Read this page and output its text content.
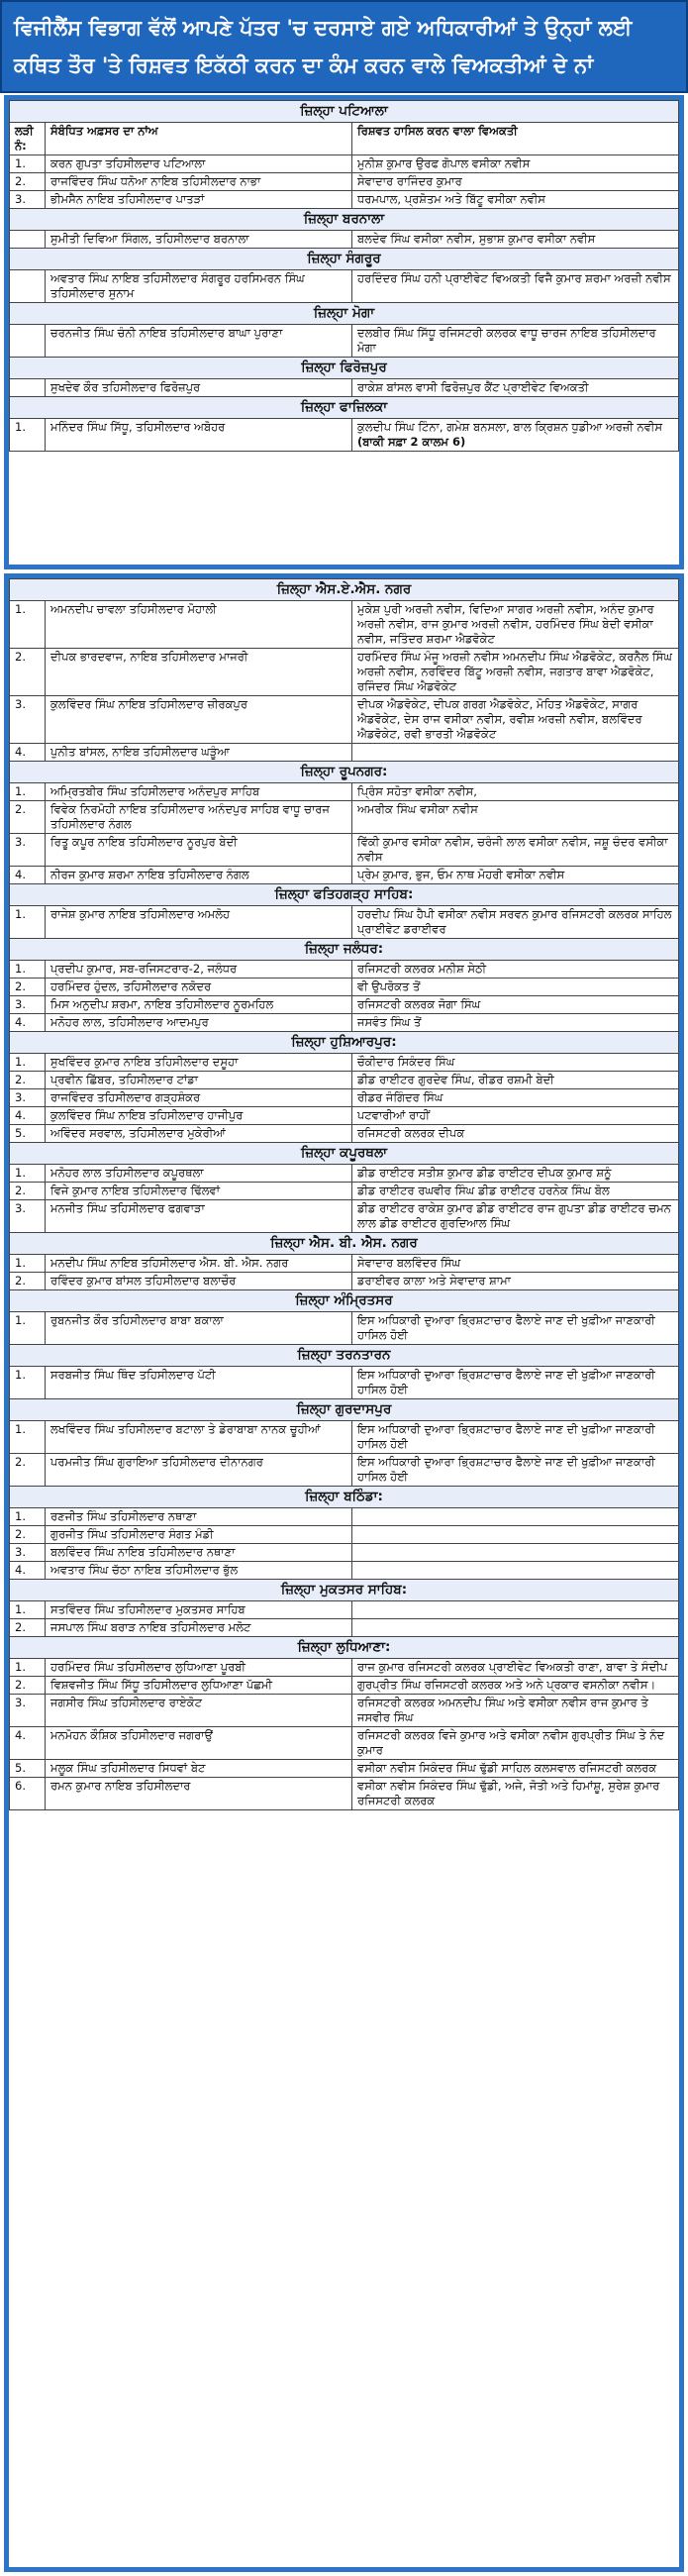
ਵਿਜੀਲੈਂਸ ਵਿਭਾਗ ਵੱਲੋਂ ਆਪਣੇ ਪੱਤਰ 'ਚ ਦਰਸਾਏ ਗਏ ਅਧਿਕਾਰੀਆਂ ਤੇ ਉਨ੍ਹਾਂ ਲਈ
ਕਥਿਤ ਤੌਰ 'ਤੇ ਰਿਸ਼ਵਤ ਇਕੱਠੀ ਕਰਨ ਦਾ ਕੰਮ ਕਰਨ ਵਾਲੇ ਵਿਅਕਤੀਆਂ ਦੇ ਨਾਂ
ਜ਼ਿਲ੍ਹਾ ਪਟਿਆਲਾ		
ਲੜੀ ਨੰ:	ਸੰਬੰਧਿਤ ਅਫ਼ਸਰ ਦਾ ਨਾਂਅ	ਰਿਸ਼ਵਤ ਹਾਸਿਲ ਕਰਨ ਵਾਲਾ ਵਿਅਕਤੀ
1.	ਕਰਨ ਗੁਪਤਾ ਤਹਿਸੀਲਦਾਰ ਪਟਿਆਲਾ	ਮੁਨੀਸ਼ ਕੁਮਾਰ ਉਰਫ ਗੋਪਾਲ ਵਸੀਕਾ ਨਵੀਸ
2.	ਰਾਜਵਿੰਦਰ ਸਿੰਘ ਧਨੋਆ ਨਾਇਬ ਤਹਿਸੀਲਦਾਰ ਨਾਭਾ	ਸੇਵਾਦਾਰ ਰਾਜਿੰਦਰ ਕੁਮਾਰ
3.	ਭੀਮਸੈਨ ਨਾਇਬ ਤਹਿਸੀਲਦਾਰ ਪਾਤੜਾਂ	ਧਰਮਪਾਲ, ਪ੍ਰਸ਼ੋਤਮ ਅਤੇ ਬਿੱਟੂ ਵਸੀਕਾ ਨਵੀਸ
ਜ਼ਿਲ੍ਹਾ ਬਰਨਾਲਾ		
	ਸੁਮੀਤੀ ਦਿਵਿਆ ਸਿੰਗਲ, ਤਹਿਸੀਲਦਾਰ ਬਰਨਾਲਾ	ਬਲਦੇਵ ਸਿੰਘ ਵਸੀਕਾ ਨਵੀਸ, ਸੁਭਾਸ਼ ਕੁਮਾਰ ਵਸੀਕਾ ਨਵੀਸ
ਜ਼ਿਲ੍ਹਾ ਸੰਗਰੂਰ		
	ਅਵਤਾਰ ਸਿੰਘ ਨਾਇਬ ਤਹਿਸੀਲਦਾਰ ਸੰਗਰੂਰ ਹਰਸਿਮਰਨ ਸਿੰਘ ਤਹਿਸੀਲਦਾਰ ਸੁਨਾਮ	ਹਰਦਿੰਦਰ ਸਿੰਘ ਹਨੀ ਪ੍ਰਾਈਵੇਟ ਵਿਅਕਤੀ ਵਿਜੈ ਕੁਮਾਰ ਸ਼ਰਮਾ ਅਰਜ਼ੀ ਨਵੀਸ
ਜ਼ਿਲ੍ਹਾ ਮੋਗਾ		
	ਚਰਨਜੀਤ ਸਿੰਘ ਚੰਨੀ ਨਾਇਬ ਤਹਿਸੀਲਦਾਰ ਬਾਘਾ ਪੁਰਾਣਾ	ਦਲਬੀਰ ਸਿੰਘ ਸਿੱਧੂ ਰਜਿਸਟਰੀ ਕਲਰਕ ਵਾਧੂ ਚਾਰਜ ਨਾਇਬ ਤਹਿਸੀਲਦਾਰ ਮੋਗਾ
ਜ਼ਿਲ੍ਹਾ ਫਿਰੋਜ਼ਪੁਰ		
	ਸੁਖਦੇਵ ਕੌਰ ਤਹਿਸੀਲਦਾਰ ਫਿਰੋਜ਼ਪੁਰ	ਰਾਕੇਸ਼ ਬਾਂਸਲ ਵਾਸੀ ਫਿਰੋਜ਼ਪੁਰ ਕੈਂਟ ਪ੍ਰਾਈਵੇਟ ਵਿਅਕਤੀ
ਜ਼ਿਲ੍ਹਾ ਫਾਜ਼ਿਲਕਾ		
1.	ਮਨਿੰਦਰ ਸਿੰਘ ਸਿੱਧੂ, ਤਹਿਸੀਲਦਾਰ ਅਬੋਹਰ	ਕੁਲਦੀਪ ਸਿੰਘ ਟਿੰਨਾ, ਗਮੇਸ਼ ਬਨਸਲਾ, ਬਾਲ ਕ੍ਰਿਸ਼ਨ ਧੁਡੀਆ ਅਰਜ਼ੀ ਨਵੀਸ
(ਬਾਕੀ ਸਫ਼ਾ 2 ਕਾਲਮ 6)
ਜ਼ਿਲ੍ਹਾ ਐਸ.ਏ.ਐਸ. ਨਗਰ		
1.	ਅਮਨਦੀਪ ਚਾਵਲਾ ਤਹਿਸੀਲਦਾਰ ਮੋਹਾਲੀ	ਮੁਕੇਸ਼ ਪੁਰੀ ਅਰਜ਼ੀ ਨਵੀਸ, ਵਿਦਿਆ ਸਾਗਰ ਅਰਜ਼ੀ ਨਵੀਸ, ਅਨੰਦ ਕੁਮਾਰ ਅਰਜ਼ੀ ਨਵੀਸ, ਰਾਜ ਕੁਮਾਰ ਅਰਜ਼ੀ ਨਵੀਸ, ਹਰਮਿੰਦਰ ਸਿੰਘ ਬੇਦੀ ਵਸੀਕਾ ਨਵੀਸ, ਜਤਿੰਦਰ ਸ਼ਰਮਾ ਐਡਵੋਕੇਟ
2.	ਦੀਪਕ ਭਾਰਦਵਾਜ, ਨਾਇਬ ਤਹਿਸੀਲਦਾਰ ਮਾਜਰੀ	ਹਰਮਿੰਦਰ ਸਿੰਘ ਮੰਜੂ ਅਰਜ਼ੀ ਨਵੀਸ ਅਮਨਦੀਪ ਸਿੰਘ ਐਡਵੋਕੇਟ, ਕਰਨੈਲ ਸਿੰਘ ਅਰਜ਼ੀ ਨਵੀਸ, ਨਰਵਿੰਦਰ ਬਿੱਟੂ ਅਰਜ਼ੀ ਨਵੀਸ, ਜਗਤਾਰ ਬਾਵਾ ਐਡਵੋਕੇਟ, ਰਜਿੰਦਰ ਸਿੰਘ ਐਡਵੋਕੇਟ
3.	ਕੁਲਵਿੰਦਰ ਸਿੰਘ ਨਾਇਬ ਤਹਿਸੀਲਦਾਰ ਜ਼ੀਰਕਪੁਰ	ਦੀਪਕ ਐਡਵੋਕੇਟ, ਦੀਪਕ ਗਰਗ ਐਡਵੋਕੇਟ, ਮੋਹਿਤ ਐਡਵੋਕੇਟ, ਸਾਗਰ ਐਡਵੋਕੇਟ, ਦੇਸ ਰਾਜ ਵਸੀਕਾ ਨਵੀਸ, ਰਵੀਸ਼ ਅਰਜ਼ੀ ਨਵੀਸ, ਬਲਵਿੰਦਰ ਐਡਵੋਕੇਟ, ਰਵੀ ਭਾਰਤੀ ਐਡਵੋਕੇਟ
4.	ਪੁਨੀਤ ਬਾਂਸਲ, ਨਾਇਬ ਤਹਿਸੀਲਦਾਰ ਘੜੂੰਆ	
ਜ਼ਿਲ੍ਹਾ ਰੂਪਨਗਰ:		
1.	ਅਮ੍ਰਿਤਬੀਰ ਸਿੰਘ ਤਹਿਸੀਲਦਾਰ ਅਨੰਦਪੁਰ ਸਾਹਿਬ	ਪ੍ਰਿੰਸ ਸਹੋਤਾ ਵਸੀਕਾ ਨਵੀਸ,
2.	ਵਿਵੇਕ ਨਿਰਮੋਹੀ ਨਾਇਬ ਤਹਿਸੀਲਦਾਰ ਅਨੰਦਪੁਰ ਸਾਹਿਬ ਵਾਧੂ ਚਾਰਜ ਤਹਿਸੀਲਦਾਰ ਨੰਗਲ	ਅਮਰੀਕ ਸਿੰਘ ਵਸੀਕਾ ਨਵੀਸ
3.	ਰਿਤੂ ਕਪੂਰ ਨਾਇਬ ਤਹਿਸੀਲਦਾਰ ਨੂਰਪੁਰ ਬੇਦੀ	ਵਿੱਕੀ ਕੁਮਾਰ ਵਸੀਕਾ ਨਵੀਸ, ਚਰੰਜੀ ਲਾਲ ਵਸੀਕਾ ਨਵੀਸ, ਜਸ਼ੂ ਚੰਦਰ ਵਸੀਕਾ ਨਵੀਸ
4.	ਨੀਰਜ ਕੁਮਾਰ ਸ਼ਰਮਾ ਨਾਇਬ ਤਹਿਸੀਲਦਾਰ ਨੰਗਲ	ਪ੍ਰੇਮ ਕੁਮਾਰ, ਭੁਜ, ਓਮ ਨਾਥ ਮੋਹਰੀ ਵਸੀਕਾ ਨਵੀਸ
ਜ਼ਿਲ੍ਹਾ ਫਤਿਹਗੜ੍ਹ ਸਾਹਿਬ:		
1.	ਰਾਜੇਸ਼ ਕੁਮਾਰ ਨਾਇਬ ਤਹਿਸੀਲਦਾਰ ਅਮਲੋਹ	ਹਰਦੀਪ ਸਿੰਘ ਹੈਪੀ ਵਸੀਕਾ ਨਵੀਸ ਸਰਵਨ ਕੁਮਾਰ ਰਜਿਸਟਰੀ ਕਲਰਕ ਸਾਹਿਲ ਪ੍ਰਾਈਵੇਟ ਡਰਾਈਵਰ
ਜ਼ਿਲ੍ਹਾ ਜਲੰਧਰ:		
1.	ਪ੍ਰਦੀਪ ਕੁਮਾਰ, ਸਬ-ਰਜਿਸਟਰਾਰ-2, ਜਲੰਧਰ	ਰਜਿਸਟਰੀ ਕਲਰਕ ਮਨੀਸ਼ ਸੇਠੀ
2.	ਹਰਮਿੰਦਰ ਹੁੰਦਲ, ਤਹਿਸੀਲਦਾਰ ਨਕੋਦਰ	ਵੀ ਉਪਰੋਕਤ ਤੋਂ
3.	ਮਿਸ ਅਨੁਦੀਪ ਸ਼ਰਮਾ, ਨਾਇਬ ਤਹਿਸੀਲਦਾਰ ਨੂਰਮਹਿਲ	ਰਜਿਸਟਰੀ ਕਲਰਕ ਜੋਗਾ ਸਿੰਘ
4.	ਮਨੋਹਰ ਲਾਲ, ਤਹਿਸੀਲਦਾਰ ਆਦਮਪੁਰ	ਜਸਵੰਤ ਸਿੰਘ ਤੋਂ
ਜ਼ਿਲ੍ਹਾ ਹੁਸ਼ਿਆਰਪੁਰ:		
1.	ਸੁਖਵਿੰਦਰ ਕੁਮਾਰ ਨਾਇਬ ਤਹਿਸੀਲਦਾਰ ਦਸੂਹਾ	ਚੌਕੀਦਾਰ ਸਿਕੰਦਰ ਸਿੰਘ
2.	ਪ੍ਰਵੀਨ ਛਿੱਬਰ, ਤਹਿਸੀਲਦਾਰ ਟਾਂਡਾ	ਡੀਡ ਰਾਈਟਰ ਗੁਰਦੇਵ ਸਿੰਘ, ਰੀਡਰ ਰਸ਼ਮੀ ਬੇਦੀ
3.	ਰਾਜਵਿੰਦਰ ਤਹਿਸੀਲਦਾਰ ਗੜ੍ਹਸ਼ੰਕਰ	ਰੀਡਰ ਜੰਗਿੰਦਰ ਸਿੰਘ
4.	ਕੁਲਵਿੰਦਰ ਸਿੰਘ ਨਾਇਬ ਤਹਿਸੀਲਦਾਰ ਹਾਜੀਪੁਰ	ਪਟਵਾਰੀਆਂ ਰਾਹੀਂ
5.	ਅਵਿੰਦਰ ਸਰਵਾਲ, ਤਹਿਸੀਲਦਾਰ ਮੁਕੇਰੀਆਂ	ਰਜਿਸਟਰੀ ਕਲਰਕ ਦੀਪਕ
ਜ਼ਿਲ੍ਹਾ ਕਪੂਰਥਲਾ		
1.	ਮਨੋਹਰ ਲਾਲ ਤਹਿਸੀਲਦਾਰ ਕਪੂਰਥਲਾ	ਡੀਡ ਰਾਈਟਰ ਸਤੀਸ਼ ਕੁਮਾਰ ਡੀਡ ਰਾਈਟਰ ਦੀਪਕ ਕੁਮਾਰ ਸ਼ਨੂੰ
2.	ਵਿਜੇ ਕੁਮਾਰ ਨਾਇਬ ਤਹਿਸੀਲਦਾਰ ਢਿੱਲਵਾਂ	ਡੀਡ ਰਾਈਟਰ ਰਘਵੀਰ ਸਿੰਘ ਡੀਡ ਰਾਈਟਰ ਹਰਨੇਕ ਸਿੰਘ ਬੋਲ
3.	ਮਨਜੀਤ ਸਿੰਘ ਤਹਿਸੀਲਦਾਰ ਫਗਵਾੜਾ	ਡੀਡ ਰਾਈਟਰ ਰਾਕੇਸ਼ ਕੁਮਾਰ ਡੀਡ ਰਾਈਟਰ ਰਾਜ ਗੁਪਤਾ ਡੀਡ ਰਾਈਟਰ ਚਮਨ ਲਾਲ ਡੀਡ ਰਾਈਟਰ ਗੁਰਦਿਆਲ ਸਿੰਘ
ਜ਼ਿਲ੍ਹਾ ਐਸ. ਬੀ. ਐਸ. ਨਗਰ		
1.	ਮਨਦੀਪ ਸਿੰਘ ਨਾਇਬ ਤਹਿਸੀਲਦਾਰ ਐਸ. ਬੀ. ਐਸ. ਨਗਰ	ਸੇਵਾਦਾਰ ਬਲਵਿੰਦਰ ਸਿੰਘ
2.	ਰਵਿੰਦਰ ਕੁਮਾਰ ਬਾਂਸਲ ਤਹਿਸੀਲਦਾਰ ਬਲਾਚੌਰ	ਡਰਾਈਵਰ ਕਾਲਾ ਅਤੇ ਸੇਵਾਦਾਰ ਸ਼ਾਮਾ
ਜ਼ਿਲ੍ਹਾ ਅੰਮ੍ਰਿਤਸਰ		
1.	ਰੁਬਨਜੀਤ ਕੌਰ ਤਹਿਸੀਲਦਾਰ ਬਾਬਾ ਬਕਾਲਾ	ਇਸ ਅਧਿਕਾਰੀ ਦੁਆਰਾ ਭ੍ਰਿਸ਼ਟਾਚਾਰ ਫੈਲਾਏ ਜਾਣ ਦੀ ਖੁਫ਼ੀਆ ਜਾਣਕਾਰੀ ਹਾਸਿਲ ਹੋਈ
ਜ਼ਿਲ੍ਹਾ ਤਰਨਤਾਰਨ		
1.	ਸਰਬਜੀਤ ਸਿੰਘ ਥਿੰਦ ਤਹਿਸੀਲਦਾਰ ਪੱਟੀ	ਇਸ ਅਧਿਕਾਰੀ ਦੁਆਰਾ ਭ੍ਰਿਸ਼ਟਾਚਾਰ ਫੈਲਾਏ ਜਾਣ ਦੀ ਖੁਫ਼ੀਆ ਜਾਣਕਾਰੀ ਹਾਸਿਲ ਹੋਈ
ਜ਼ਿਲ੍ਹਾ ਗੁਰਦਾਸਪੁਰ		
1.	ਲਖਵਿੰਦਰ ਸਿੰਘ ਤਹਿਸੀਲਦਾਰ ਬਟਾਲਾ ਤੇ ਡੇਰਾਬਾਬਾ ਨਾਨਕ ਚੂਹੀਆਂ	ਇਸ ਅਧਿਕਾਰੀ ਦੁਆਰਾ ਭ੍ਰਿਸ਼ਟਾਚਾਰ ਫੈਲਾਏ ਜਾਣ ਦੀ ਖੁਫ਼ੀਆ ਜਾਣਕਾਰੀ ਹਾਸਿਲ ਹੋਈ
2.	ਪਰਮਜੀਤ ਸਿੰਘ ਗੁਰਾਇਆ ਤਹਿਸੀਲਦਾਰ ਦੀਨਾਨਗਰ	ਇਸ ਅਧਿਕਾਰੀ ਦੁਆਰਾ ਭ੍ਰਿਸ਼ਟਾਚਾਰ ਫੈਲਾਏ ਜਾਣ ਦੀ ਖੁਫ਼ੀਆ ਜਾਣਕਾਰੀ ਹਾਸਿਲ ਹੋਈ
ਜ਼ਿਲ੍ਹਾ ਬਠਿੰਡਾ:		
1.	ਰਣਜੀਤ ਸਿੰਘ ਤਹਿਸੀਲਦਾਰ ਨਥਾਣਾ	
2.	ਗੁਰਜੀਤ ਸਿੰਘ ਤਹਿਸੀਲਦਾਰ ਸੰਗਤ ਮੰਡੀ	
3.	ਬਲਵਿੰਦਰ ਸਿੰਘ ਨਾਇਬ ਤਹਿਸੀਲਦਾਰ ਨਥਾਣਾ	
4.	ਅਵਤਾਰ ਸਿੰਘ ਚੱਠਾ ਨਾਇਬ ਤਹਿਸੀਲਦਾਰ ਭੁੱਲ	
ਜ਼ਿਲ੍ਹਾ ਮੁਕਤਸਰ ਸਾਹਿਬ:		
1.	ਸਤਵਿੰਦਰ ਸਿੰਘ ਤਹਿਸੀਲਦਾਰ ਮੁਕਤਸਰ ਸਾਹਿਬ	
2.	ਜਸਪਾਲ ਸਿੰਘ ਬਰਾੜ ਨਾਇਬ ਤਹਿਸੀਲਦਾਰ ਮਲੋਟ	
ਜ਼ਿਲ੍ਹਾ ਲੁਧਿਆਣਾ:		
1.	ਹਰਮਿੰਦਰ ਸਿੰਘ ਤਹਿਸੀਲਦਾਰ ਲੁਧਿਆਣਾ ਪੂਰਬੀ	ਰਾਜ ਕੁਮਾਰ ਰਜਿਸਟਰੀ ਕਲਰਕ ਪ੍ਰਾਈਵੇਟ ਵਿਅਕਤੀ ਰਾਣਾ, ਬਾਵਾ ਤੇ ਸੰਦੀਪ
2.	ਵਿਸ਼ਵਜੀਤ ਸਿੰਘ ਸਿੱਧੂ ਤਹਿਸੀਲਦਾਰ ਲੁਧਿਆਣਾ ਪੱਛਮੀ	ਗੁਰਪ੍ਰੀਤ ਸਿੰਘ ਰਜਿਸਟਰੀ ਕਲਰਕ ਅਤੇ ਅਨੇ ਪ੍ਰਕਾਰ ਵਸਨੀਕਾ ਨਵੀਸ।
3.	ਜਗਸੀਰ ਸਿੰਘ ਤਹਿਸੀਲਦਾਰ ਰਾਏਕੋਟ	ਰਜਿਸਟਰੀ ਕਲਰਕ ਅਮਨਦੀਪ ਸਿੰਘ ਅਤੇ ਵਸੀਕਾ ਨਵੀਸ ਰਾਜ ਕੁਮਾਰ ਤੇ ਜਸਵੀਰ ਸਿੰਘ
4.	ਮਨਮੋਹਨ ਕੌਸ਼ਿਕ ਤਹਿਸੀਲਦਾਰ ਜਗਰਾਉਂ	ਰਜਿਸਟਰੀ ਕਲਰਕ ਵਿਜੇ ਕੁਮਾਰ ਅਤੇ ਵਸੀਕਾ ਨਵੀਸ ਗੁਰਪ੍ਰੀਤ ਸਿੰਘ ਤੇ ਨੰਦ ਕੁਮਾਰ
5.	ਮਲੂਕ ਸਿੰਘ ਤਹਿਸੀਲਦਾਰ ਸਿਧਵਾਂ ਬੇਟ	ਵਸੀਕਾ ਨਵੀਸ ਸਿਕੰਦਰ ਸਿੰਘ ਢੁੱਡੀ ਸਾਹਿਲ ਕਲਸਵਾਲ ਰਜਿਸਟਰੀ ਕਲਰਕ
6.	ਰਮਨ ਕੁਮਾਰ ਨਾਇਬ ਤਹਿਸੀਲਦਾਰ	ਵਸੀਕਾ ਨਵੀਸ ਸਿਕੰਦਰ ਸਿੰਘ ਢੁੱਡੀ, ਅਜੇ, ਜੋਤੀ ਅਤੇ ਹਿਮਾਂਸ਼ੂ, ਸੁਰੇਸ਼ ਕੁਮਾਰ ਰਜਿਸਟਰੀ ਕਲਰਕ
